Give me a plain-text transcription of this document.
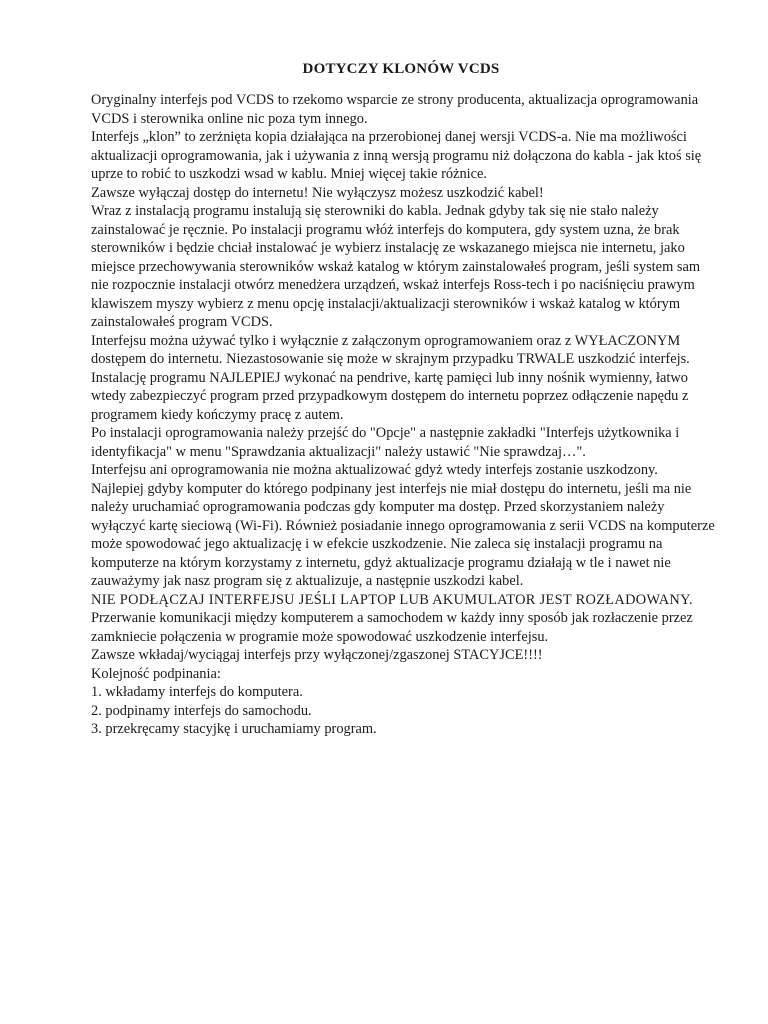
DOTYCZY KLONÓW VCDS

Oryginalny interfejs pod VCDS to rzekomo wsparcie ze strony producenta, aktualizacja oprogramowania VCDS i sterownika online nic poza tym innego.

Interfejs „klon” to zerżnięta kopia działająca na przerobionej danej wersji VCDS-a. Nie ma możliwości aktualizacji oprogramowania, jak i używania z inną wersją programu niż dołączona do kabla - jak ktoś się uprze to robić to uszkodzi wsad w kablu. Mniej więcej takie różnice.

Zawsze wyłączaj dostęp do internetu! Nie wyłączysz możesz uszkodzić kabel!

Wraz z instalacją programu instalują się sterowniki do kabla. Jednak gdyby tak się nie stało należy zainstalować je ręcznie. Po instalacji programu włóż interfejs do komputera, gdy system uzna, że brak sterowników i będzie chciał instalować je wybierz instalację ze wskazanego miejsca nie internetu, jako miejsce przechowywania sterowników wskaż katalog w którym zainstalowałeś program, jeśli system sam nie rozpocznie instalacji otwórz menedżera urządzeń, wskaż interfejs Ross-tech i po naciśnięciu prawym klawiszem myszy wybierz z menu opcję instalacji/aktualizacji sterowników i wskaż katalog w którym zainstalowałeś program VCDS.

Interfejsu można używać tylko i wyłącznie z załączonym oprogramowaniem oraz z WYŁACZONYM dostępem do internetu. Niezastosowanie się może w skrajnym przypadku TRWALE uszkodzić interfejs.

Instalację programu NAJLEPIEJ wykonać na pendrive, kartę pamięci lub inny nośnik wymienny, łatwo wtedy zabezpieczyć program przed przypadkowym dostępem do internetu poprzez odłączenie napędu z programem kiedy kończymy pracę z autem.

Po instalacji oprogramowania należy przejść do "Opcje" a następnie zakładki "Interfejs użytkownika i identyfikacja" w menu "Sprawdzania aktualizacji" należy ustawić "Nie sprawdzaj…".

Interfejsu ani oprogramowania nie można aktualizować gdyż wtedy interfejs zostanie uszkodzony.

Najlepiej gdyby komputer do którego podpinany jest interfejs nie miał dostępu do internetu, jeśli ma nie należy uruchamiać oprogramowania podczas gdy komputer ma dostęp. Przed skorzystaniem należy wyłączyć kartę sieciową (Wi-Fi). Również posiadanie innego oprogramowania z serii VCDS na komputerze może spowodować jego aktualizację i w efekcie uszkodzenie. Nie zaleca się instalacji programu na komputerze na którym korzystamy z internetu, gdyż aktualizacje programu działają w tle i nawet nie zauważymy jak nasz program się z aktualizuje, a następnie uszkodzi kabel.

NIE PODŁĄCZAJ INTERFEJSU JEŚLI LAPTOP LUB AKUMULATOR JEST ROZŁADOWANY.

Przerwanie komunikacji między komputerem a samochodem w każdy inny sposób jak rozłaczenie przez zamkniecie połączenia w programie może spowodować uszkodzenie interfejsu.

Zawsze wkładaj/wyciągaj interfejs przy wyłączonej/zgaszonej STACYJCE!!!!

Kolejność podpinania:

1. wkładamy interfejs do komputera.

2. podpinamy interfejs do samochodu.

3. przekręcamy stacyjkę i uruchamiamy program.
